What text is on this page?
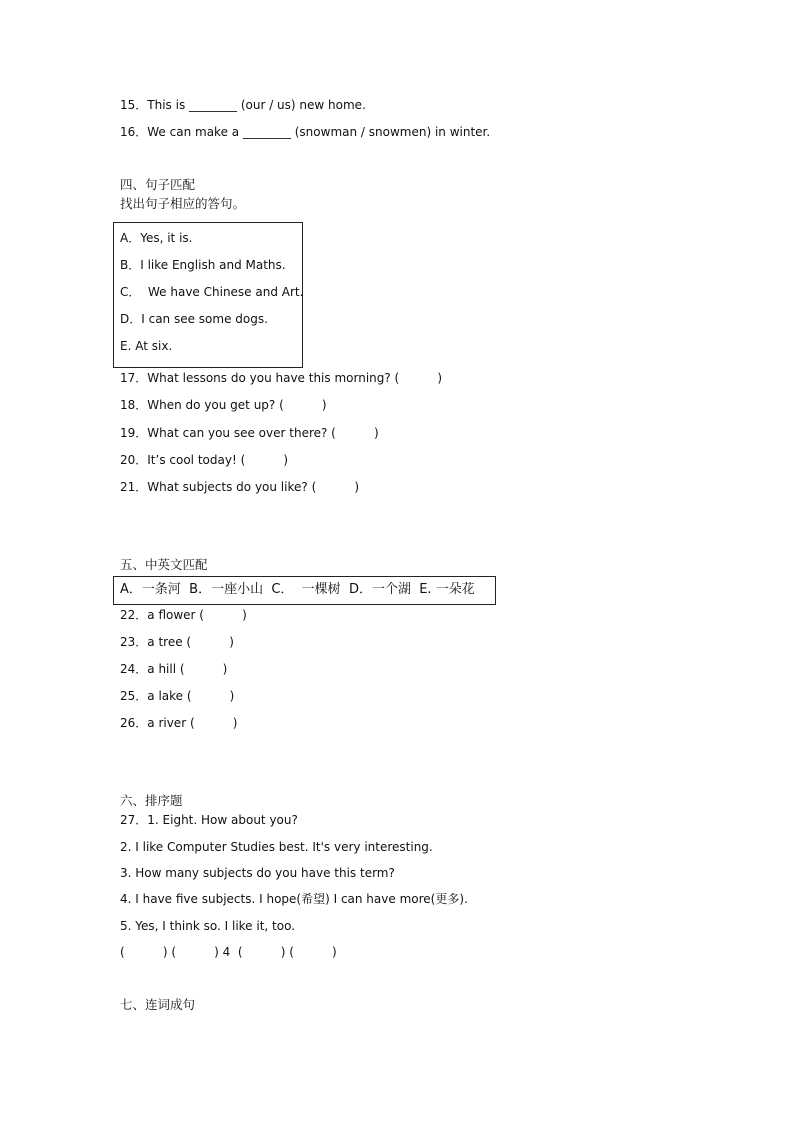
15．This is ________ (our / us) new home.
16．We can make a ________ (snowman / snowmen) in winter.
四、句子匹配
找出句子相应的答句。
A．Yes, it is.
B．I like English and Maths.
C．  We have Chinese and Art.
D．I can see some dogs.
E. At six.
17．What lessons do you have this morning? (          )
18．When do you get up? (          )
19．What can you see over there? (          )
20．It’s cool today! (          )
21．What subjects do you like? (          )
五、中英文匹配
A．一条河  B．一座小山  C．  一棵树  D．一个湖  E. 一朵花
22．a flower (          )
23．a tree (          )
24．a hill (          )
25．a lake (          )
26．a river (          )
六、排序题
27．1. Eight. How about you?
2. I like Computer Studies best. It's very interesting.
3. How many subjects do you have this term?
4. I have five subjects. I hope(希望) I can have more(更多).
5. Yes, I think so. I like it, too.
(          ) (          ) 4  (          ) (          )
七、连词成句
